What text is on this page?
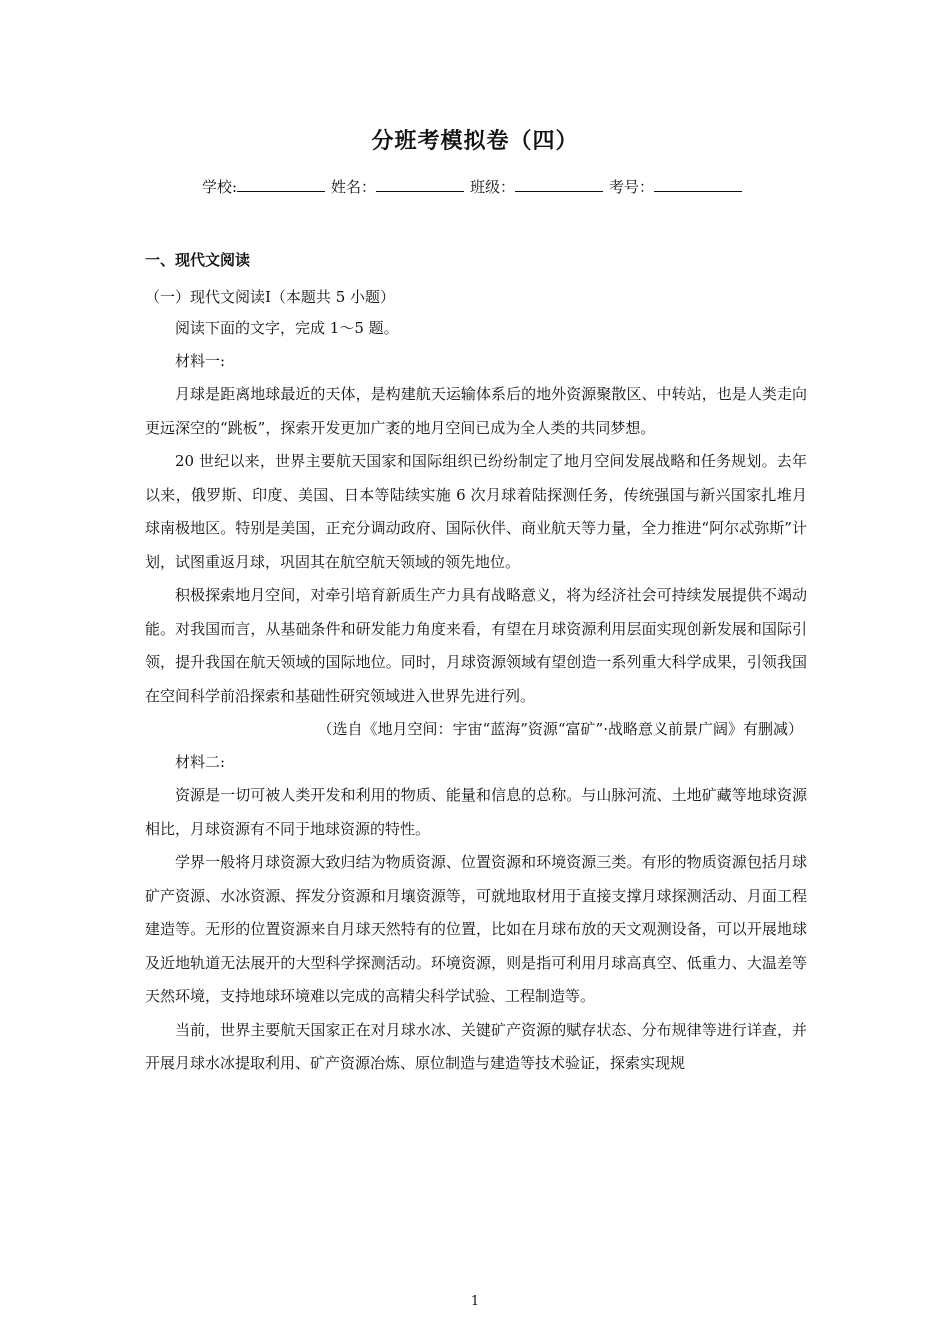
分班考模拟卷（四）
学校:	姓名：	班级：	考号：
一、现代文阅读
（一）现代文阅读I（本题共 5 小题）
阅读下面的文字，完成 1～5 题。
材料一:

月球是距离地球最近的天体，是构建航天运输体系后的地外资源聚散区、中转站，也是人类走向更远深空的“跳板”，探索开发更加广袤的地月空间已成为全人类的共同梦想。

20 世纪以来，世界主要航天国家和国际组织已纷纷制定了地月空间发展战略和任务规划。去年以来，俄罗斯、印度、美国、日本等陆续实施 6 次月球着陆探测任务，传统强国与新兴国家扎堆月球南极地区。特别是美国，正充分调动政府、国际伙伴、商业航天等力量，全力推进“阿尔忒弥斯”计划，试图重返月球，巩固其在航空航天领域的领先地位。

积极探索地月空间，对牵引培育新质生产力具有战略意义，将为经济社会可持续发展提供不竭动能。对我国而言，从基础条件和研发能力角度来看，有望在月球资源利用层面实现创新发展和国际引领，提升我国在航天领域的国际地位。同时，月球资源领域有望创造一系列重大科学成果，引领我国在空间科学前沿探索和基础性研究领域进入世界先进行列。

（选自《地月空间：宇宙“蓝海”资源“富矿”·战略意义前景广阔》有删减）
材料二:

资源是一切可被人类开发和利用的物质、能量和信息的总称。与山脉河流、土地矿藏等地球资源相比，月球资源有不同于地球资源的特性。

学界一般将月球资源大致归结为物质资源、位置资源和环境资源三类。有形的物质资源包括月球矿产资源、水冰资源、挥发分资源和月壤资源等，可就地取材用于直接支撑月球探测活动、月面工程建造等。无形的位置资源来自月球天然特有的位置，比如在月球布放的天文观测设备，可以开展地球及近地轨道无法展开的大型科学探测活动。环境资源，则是指可利用月球高真空、低重力、大温差等天然环境，支持地球环境难以完成的高精尖科学试验、工程制造等。

当前，世界主要航天国家正在对月球水冰、关键矿产资源的赋存状态、分布规律等进行详查，并开展月球水冰提取利用、矿产资源冶炼、原位制造与建造等技术验证，探索实现规

1
